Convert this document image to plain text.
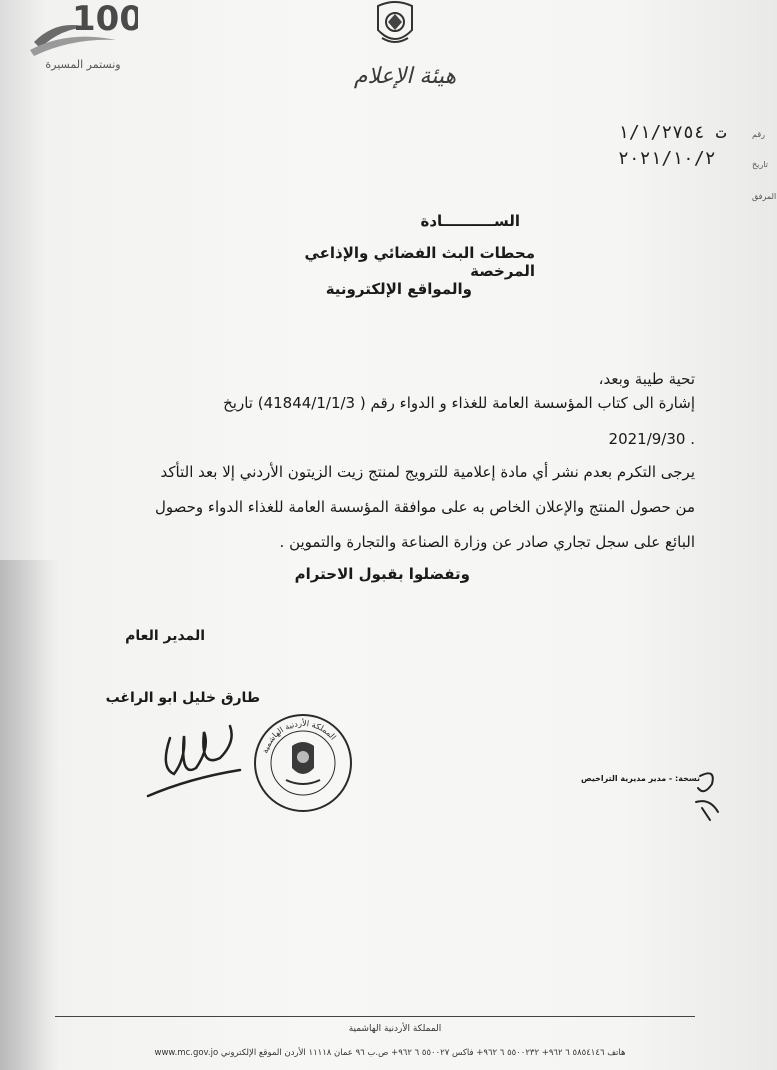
100
ونستمر المسيرة	هيئة الإعلام
ت ١/١/٢٧٥٤	رقم
٢٠٢١/١٠/٢	تاريخ
المرفق
الســــــــــادة
محطات البث الفضائي والإذاعي المرخصة
والمواقع الإلكترونية
تحية طيبة وبعد،
إشارة الى كتاب المؤسسة العامة للغذاء و الدواء رقم ( 41844/1/1/3) تاريخ
. 2021/9/30
يرجى التكرم بعدم نشر أي مادة إعلامية للترويج لمنتج زيت الزيتون الأردني إلا بعد التأكد
من حصول المنتج والإعلان الخاص به على موافقة المؤسسة العامة للغذاء الدواء وحصول
البائع على سجل تجاري صادر عن وزارة الصناعة والتجارة والتموين .
وتفضلوا بقبول الاحترام
المدير العام
طارق خليل ابو الراغب
المملكة الأردنية الهاشمية
نسخة: - مدير مديرية التراخيص
المملكة الأردنية الهاشمية
هاتف ٥٨٥٤١٤٦ ٦ ٩٦٢+ ٥٥٠٠٢٣٢ ٦ ٩٦٢+ فاكس ٥٥٠٠٢٧ ٦ ٩٦٢+ ص.ب ٩٦ عمان ١١١١٨ الأردن الموقع الإلكتروني www.mc.gov.jo
